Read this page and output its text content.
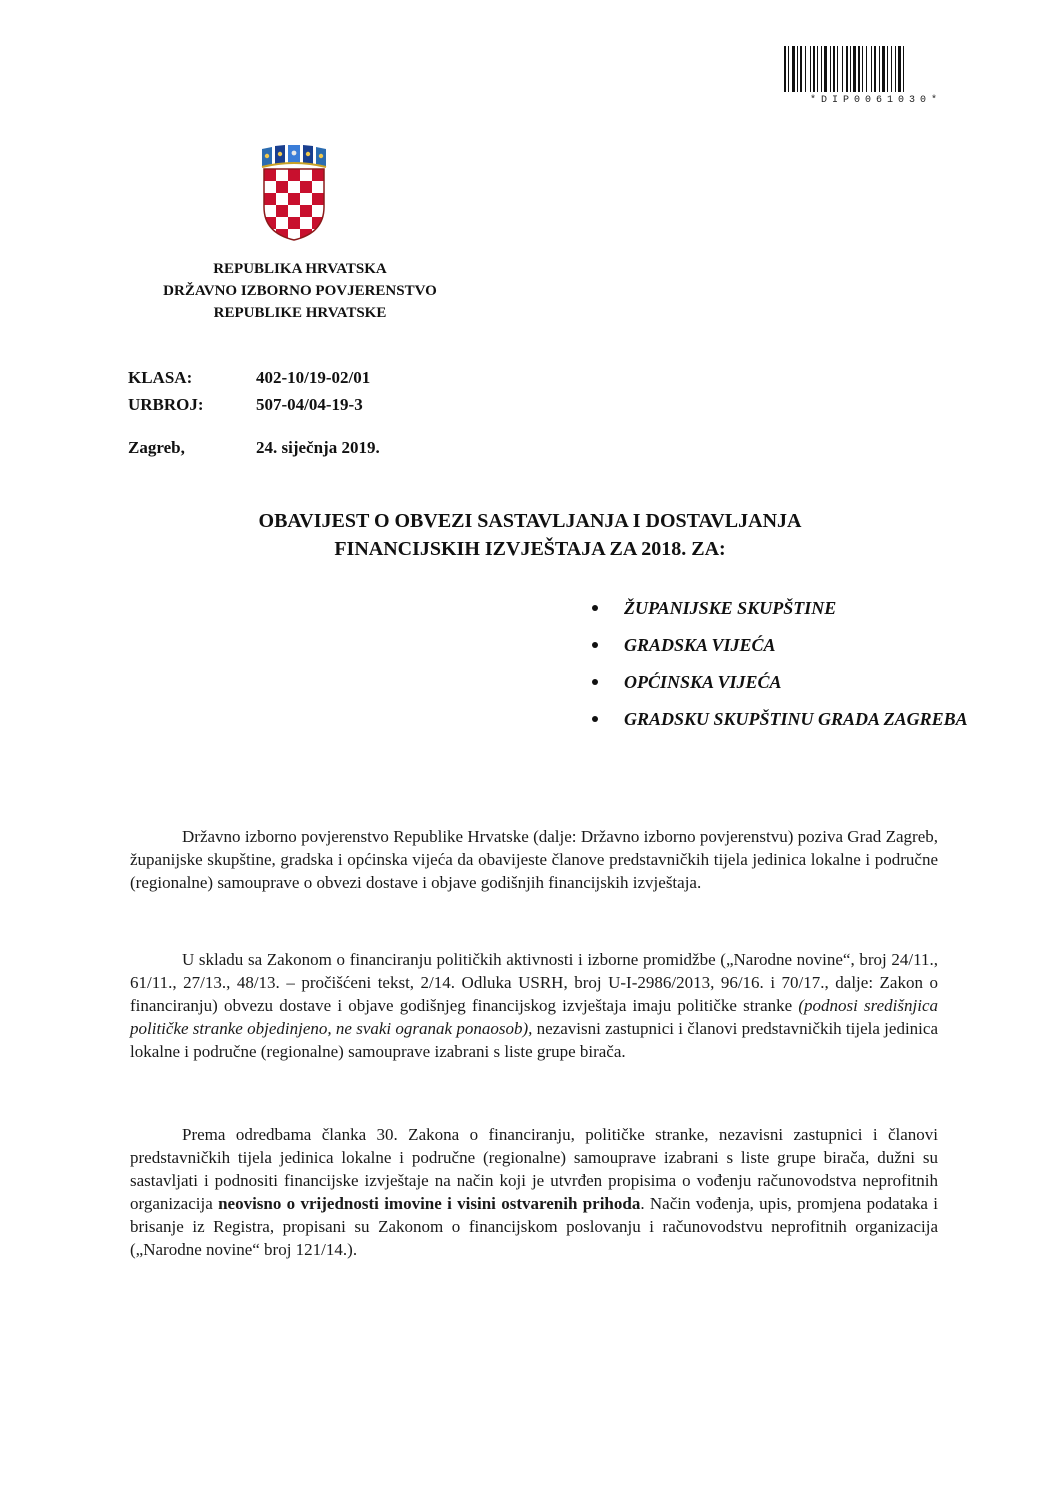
*DIP0061030*
REPUBLIKA HRVATSKA
DRŽAVNO IZBORNO POVJERENSTVO
REPUBLIKE HRVATSKE
KLASA:	402-10/19-02/01
URBROJ:	507-04/04-19-3
Zagreb,	24. siječnja 2019.
OBAVIJEST O OBVEZI SASTAVLJANJA I DOSTAVLJANJA
FINANCIJSKIH IZVJEŠTAJA ZA 2018. ZA:
ŽUPANIJSKE SKUPŠTINE
GRADSKA VIJEĆA
OPĆINSKA VIJEĆA
GRADSKU SKUPŠTINU GRADA ZAGREBA

Državno izborno povjerenstvo Republike Hrvatske (dalje: Državno izborno povjerenstvu) poziva Grad Zagreb, županijske skupštine, gradska i općinska vijeća da obavijeste članove predstavničkih tijela jedinica lokalne i područne (regionalne) samouprave o obvezi dostave i objave godišnjih financijskih izvještaja.

U skladu sa Zakonom o financiranju političkih aktivnosti i izborne promidžbe („Narodne novine“, broj 24/11., 61/11., 27/13., 48/13. – pročišćeni tekst, 2/14. Odluka USRH, broj U-I-2986/2013, 96/16. i 70/17., dalje: Zakon o financiranju) obvezu dostave i objave godišnjeg financijskog izvještaja imaju političke stranke (podnosi središnjica političke stranke objedinjeno, ne svaki ogranak ponaosob), nezavisni zastupnici i članovi predstavničkih tijela jedinica lokalne i područne (regionalne) samouprave izabrani s liste grupe birača.

Prema odredbama članka 30. Zakona o financiranju, političke stranke, nezavisni zastupnici i članovi predstavničkih tijela jedinica lokalne i područne (regionalne) samouprave izabrani s liste grupe birača, dužni su sastavljati i podnositi financijske izvještaje na način koji je utvrđen propisima o vođenju računovodstva neprofitnih organizacija neovisno o vrijednosti imovine i visini ostvarenih prihoda. Način vođenja, upis, promjena podataka i brisanje iz Registra, propisani su Zakonom o financijskom poslovanju i računovodstvu neprofitnih organizacija („Narodne novine“ broj 121/14.).
